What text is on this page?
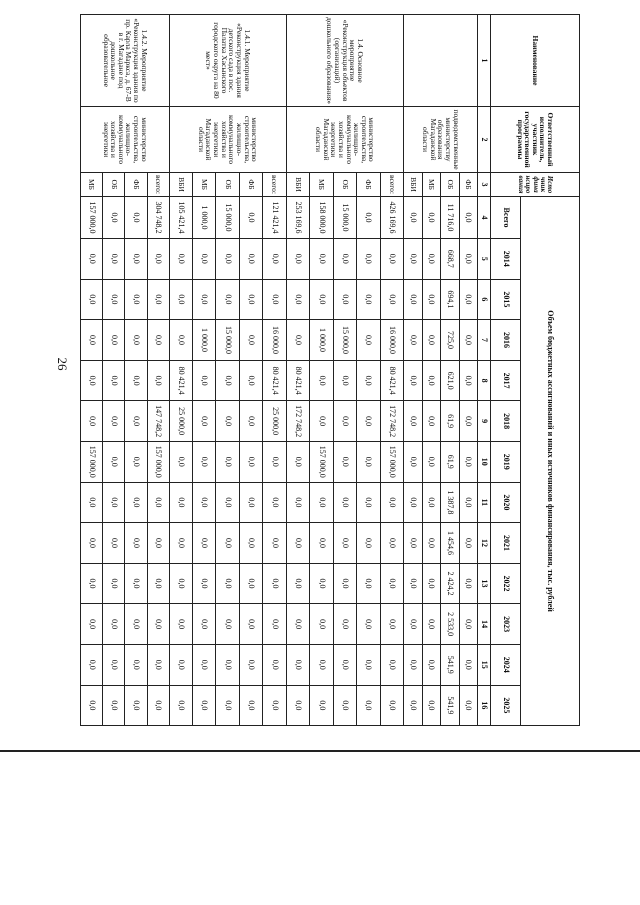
26
Наименование	Ответственный исполнитель, участник государственной программы	Источник финансирования	Объем бюджетных ассигнований и иных источников финансирования, тыс. рублей												
			Всего	2014	2015	2016	2017	2018	2019	2020	2021	2022	2023	2024	2025
1	2	3	4	5	6	7	8	9	10	11	12	13	14	15	16
	подведомственные министерству образования Магаданской области	ФБ	0,0	0,0	0,0	0,0	0,0	0,0	0,0	0,0	0,0	0,0	0,0	0,0	0,0
		ОБ	11 716,0	668,7	694,1	725,0	621,0	61,9	61,9	1 387,8	1 454,6	2 424,2	2 533,0	541,9	541,9
		МБ	0,0	0,0	0,0	0,0	0,0	0,0	0,0	0,0	0,0	0,0	0,0	0,0	0,0
		ВБИ	0,0	0,0	0,0	0,0	0,0	0,0	0,0	0,0	0,0	0,0	0,0	0,0	0,0
1.4. Основное мероприятие «Реконструкция объектов (организаций) дошкольного образования»	министерство строительства, жилищно-коммунального хозяйства и энергетики Магаданской области	всего:	426 169,6	0,0	0,0	16 000,0	80 421,4	172 748,2	157 000,0	0,0	0,0	0,0	0,0	0,0	0,0
		ФБ	0,0	0,0	0,0	0,0	0,0	0,0	0,0	0,0	0,0	0,0	0,0	0,0	0,0
		ОБ	15 000,0	0,0	0,0	15 000,0	0,0	0,0	0,0	0,0	0,0	0,0	0,0	0,0	0,0
		МБ	158 000,0	0,0	0,0	1 000,0	0,0	0,0	157 000,0	0,0	0,0	0,0	0,0	0,0	0,0
		ВБИ	253 169,6	0,0	0,0	0,0	80 421,4	172 748,2	0,0	0,0	0,0	0,0	0,0	0,0	0,0
1.4.1. Мероприятие «Реконструкция здания детского сада в пос. Палатка Хасынского городского округа на 80 мест»	министерство строительства, жилищно-коммунального хозяйства и энергетики Магаданской области	всего:	121 421,4	0,0	0,0	16 000,0	80 421,4	25 000,0	0,0	0,0	0,0	0,0	0,0	0,0	0,0
		ФБ	0,0	0,0	0,0	0,0	0,0	0,0	0,0	0,0	0,0	0,0	0,0	0,0	0,0
		ОБ	15 000,0	0,0	0,0	15 000,0	0,0	0,0	0,0	0,0	0,0	0,0	0,0	0,0	0,0
		МБ	1 000,0	0,0	0,0	1 000,0	0,0	0,0	0,0	0,0	0,0	0,0	0,0	0,0	0,0
		ВБИ	105 421,4	0,0	0,0	0,0	80 421,4	25 000,0	0,0	0,0	0,0	0,0	0,0	0,0	0,0
1.4.2. Мероприятие «Реконструкция здания по пр. Карла Маркса, д. 67-В в г. Магадане под дошкольное образовательное	министерство строительства, жилищно-коммунального хозяйства и энергетики	всего:	304 748,2	0,0	0,0	0,0	0,0	147 748,2	157 000,0	0,0	0,0	0,0	0,0	0,0	0,0
		ФБ	0,0	0,0	0,0	0,0	0,0	0,0	0,0	0,0	0,0	0,0	0,0	0,0	0,0
		ОБ	0,0	0,0	0,0	0,0	0,0	0,0	0,0	0,0	0,0	0,0	0,0	0,0	0,0
		МБ	157 000,0	0,0	0,0	0,0	0,0	0,0	157 000,0	0,0	0,0	0,0	0,0	0,0	0,0
